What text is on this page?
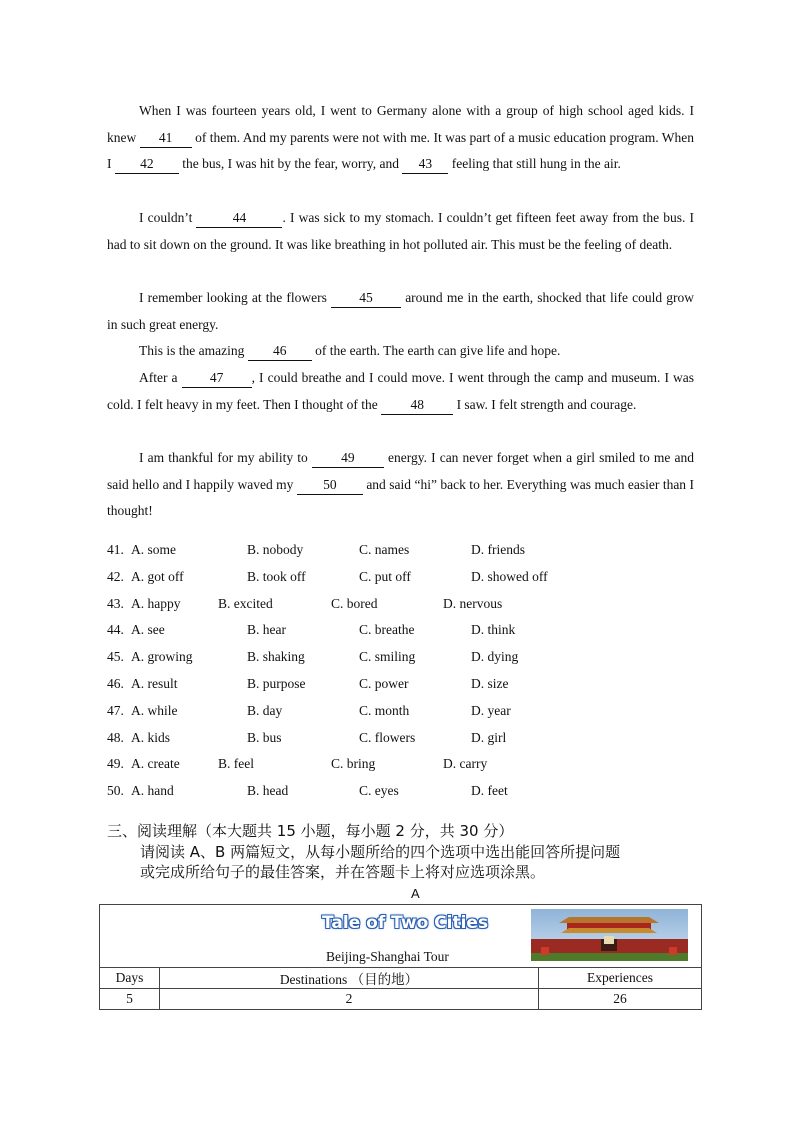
When I was fourteen years old, I went to Germany alone with a group of high school aged kids. I knew 41 of them. And my parents were not with me. It was part of a music education program. When I 42 the bus, I was hit by the fear, worry, and 43 feeling that still hung in the air.
I couldn’t	44	. I was sick to my stomach. I couldn’t get fifteen feet away from the bus. I had to sit down on the ground. It was like breathing in hot polluted air. This must be the feeling of death.
I remember looking at the flowers 45 around me in the earth, shocked that life could grow in such great energy.
This is the amazing 46 of the earth. The earth can give life and hope.
After a 47 , I could breathe and I could move. I went through the camp and museum. I was cold. I felt heavy in my feet. Then I thought of the 48 I saw. I felt strength and courage.
I am thankful for my ability to 49 energy. I can never forget when a girl smiled to me and said hello and I happily waved my 50 and said “hi” back to her. Everything was much easier than I thought!
41. A. some	B. nobody	C. names	D. friends
42. A. got off	B. took off	C. put off	D. showed off
43. A. happy	B. excited	C. bored	D. nervous
44. A. see	B. hear	C. breathe	D. think
45. A. growing	B. shaking	C. smiling	D. dying
46. A. result	B. purpose	C. power	D. size
47. A. while	B. day	C. month	D. year
48. A. kids	B. bus	C. flowers	D. girl
49. A. create	B. feel	C. bring	D. carry
50. A. hand	B. head	C. eyes	D. feet
三、阅读理解（本大题共 15 小题，每小题 2 分，共 30 分）
请阅读 A、B 两篇短文，从每小题所给的四个选项中选出能回答所提问题
或完成所给句子的最佳答案，并在答题卡上将对应选项涂黑。
A
Tale of Two Cities
Beijing-Shanghai Tour		

Days	Destinations （目的地）	Experiences
5	2	26
